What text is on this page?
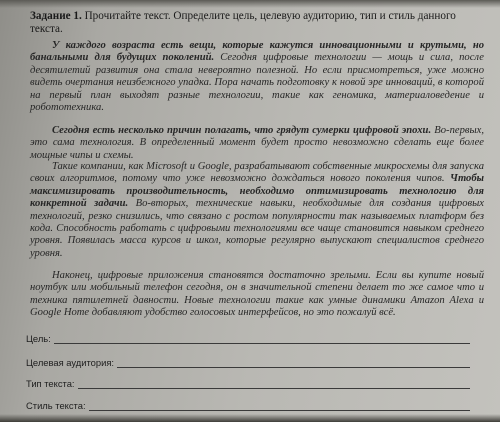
Задание 1. Прочитайте текст. Определите цель, целевую аудиторию, тип и стиль данного текста.
У каждого возраста есть вещи, которые кажутся инновационными и крутыми, но банальными для будущих поколений. Сегодня цифровые технологии — мощь и сила, после десятилетий развития она стала невероятно полезной. Но если присмотреться, уже можно видеть очертания неизбежного упадка. Пора начать подготовку к новой эре инноваций, в которой на первый план выходят разные технологии, такие как геномика, материаловедение и робототехника.
Сегодня есть несколько причин полагать, что грядут сумерки цифровой эпохи. Во-первых, это сама технология. В определенный момент будет просто невозможно сделать еще более мощные чипы и схемы.
Такие компании, как Microsoft и Google, разрабатывают собственные микросхемы для запуска своих алгоритмов, потому что уже невозможно дождаться нового поколения чипов. Чтобы максимизировать производительность, необходимо оптимизировать технологию для конкретной задачи. Во-вторых, технические навыки, необходимые для создания цифровых технологий, резко снизились, что связано с ростом популярности так называемых платформ без кода. Способность работать с цифровыми технологиями все чаще становится навыком среднего уровня. Появилась масса курсов и школ, которые регулярно выпускают специалистов среднего уровня.
Наконец, цифровые приложения становятся достаточно зрелыми. Если вы купите новый ноутбук или мобильный телефон сегодня, он в значительной степени делает то же самое что и техника пятилетней давности. Новые технологии такие как умные динамики Amazon Alexa и Google Home добавляют удобство голосовых интерфейсов, но это пожалуй всё.
Цель:
Целевая аудитория:
Тип текста:
Стиль текста:
